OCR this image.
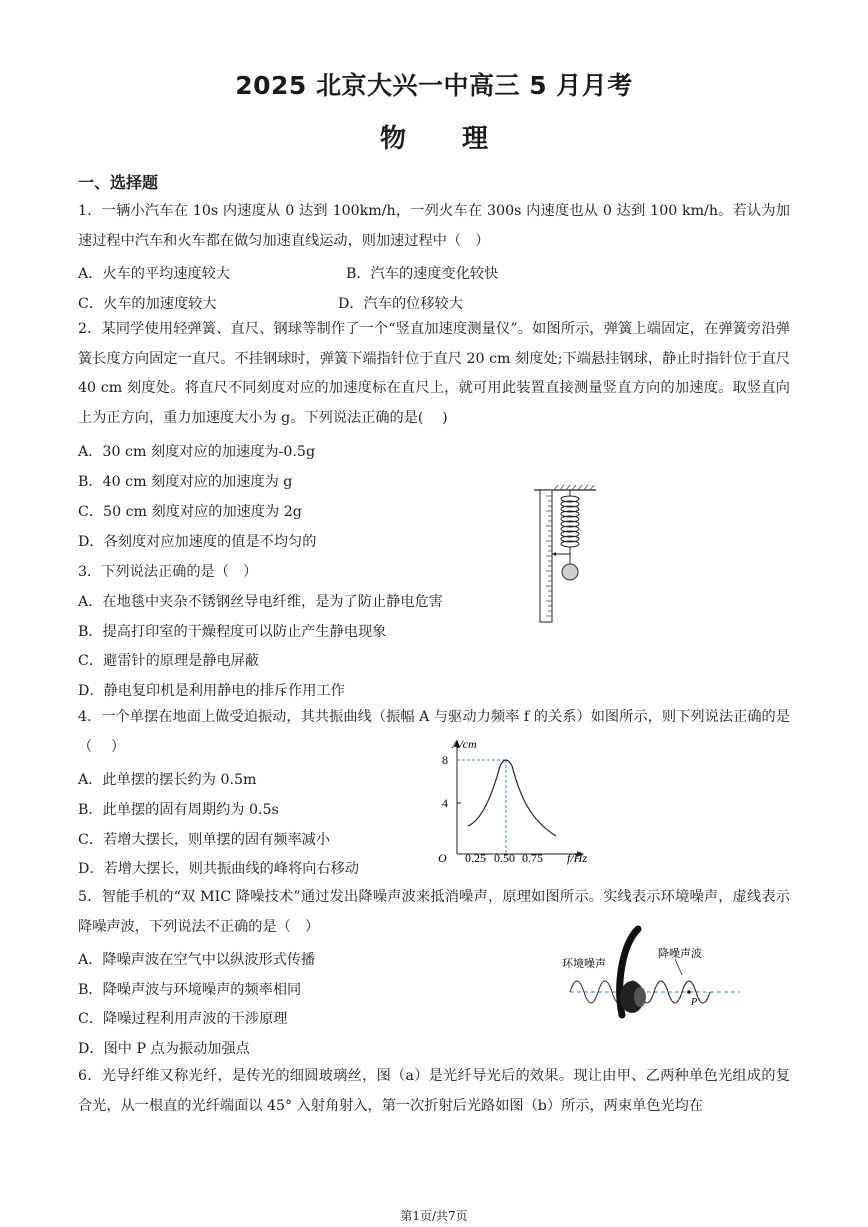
2025 北京大兴一中高三 5 月月考
物理
一、选择题
1．一辆小汽车在 10s 内速度从 0 达到 100km/h，一列火车在 300s 内速度也从 0 达到 100 km/h。若认为加速过程中汽车和火车都在做匀加速直线运动，则加速过程中（　）
A．火车的平均速度较大	B．汽车的速度变化较快
C．火车的加速度较大	D．汽车的位移较大
2．某同学使用轻弹簧、直尺、钢球等制作了一个“竖直加速度测量仪”。如图所示，弹簧上端固定，在弹簧旁沿弹簧长度方向固定一直尺。不挂钢球时，弹簧下端指针位于直尺 20 cm 刻度处;下端悬挂钢球，静止时指针位于直尺 40 cm 刻度处。将直尺不同刻度对应的加速度标在直尺上，就可用此装置直接测量竖直方向的加速度。取竖直向上为正方向，重力加速度大小为 g。下列说法正确的是(　 )
A．30 cm 刻度对应的加速度为-0.5g
B．40 cm 刻度对应的加速度为 g
C．50 cm 刻度对应的加速度为 2g
D．各刻度对应加速度的值是不均匀的
3．下列说法正确的是（　）
A．在地毯中夹杂不锈钢丝导电纤维，是为了防止静电危害
B．提高打印室的干燥程度可以防止产生静电现象
C．避雷针的原理是静电屏蔽
D．静电复印机是利用静电的排斥作用工作
4．一个单摆在地面上做受迫振动，其共振曲线（振幅 A 与驱动力频率 f 的关系）如图所示，则下列说法正确的是（　 ）
A．此单摆的摆长约为 0.5m
B．此单摆的固有周期约为 0.5s
C．若增大摆长，则单摆的固有频率减小
D．若增大摆长，则共振曲线的峰将向右移动
A/cm
8
4
O 0.25 0.50 0.75 f/Hz
5．智能手机的“双 MIC 降噪技术”通过发出降噪声波来抵消噪声，原理如图所示。实线表示环境噪声，虚线表示降噪声波，下列说法不正确的是（　）
A．降噪声波在空气中以纵波形式传播
B．降噪声波与环境噪声的频率相同
C．降噪过程利用声波的干涉原理
D．图中 P 点为振动加强点
环境噪声
降噪声波
P
6．光导纤维又称光纤，是传光的细圆玻璃丝，图（a）是光纤导光后的效果。现让由甲、乙两种单色光组成的复合光，从一根直的光纤端面以 45° 入射角射入，第一次折射后光路如图（b）所示，两束单色光均在
第1页/共7页
